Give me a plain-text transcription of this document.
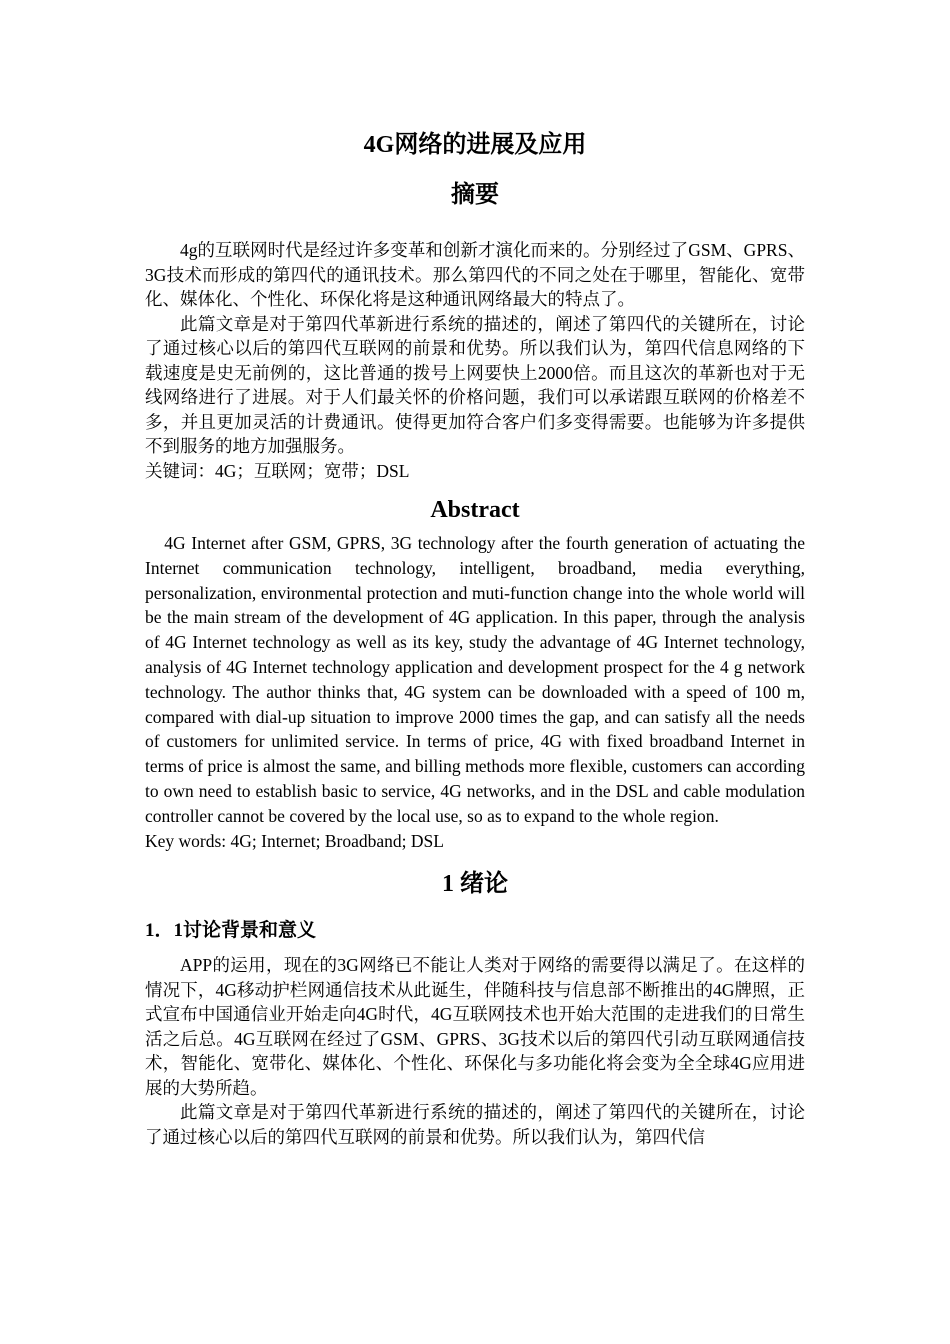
4G网络的进展及应用
摘要

4g的互联网时代是经过许多变革和创新才演化而来的。分别经过了GSM、GPRS、3G技术而形成的第四代的通讯技术。那么第四代的不同之处在于哪里，智能化、宽带化、媒体化、个性化、环保化将是这种通讯网络最大的特点了。

此篇文章是对于第四代革新进行系统的描述的，阐述了第四代的关键所在，讨论了通过核心以后的第四代互联网的前景和优势。所以我们认为，第四代信息网络的下载速度是史无前例的，这比普通的拨号上网要快上2000倍。而且这次的革新也对于无线网络进行了进展。对于人们最关怀的价格问题，我们可以承诺跟互联网的价格差不多，并且更加灵活的计费通讯。使得更加符合客户们多变得需要。也能够为许多提供不到服务的地方加强服务。

关键词：4G；互联网；宽带；DSL

Abstract

4G Internet after GSM, GPRS, 3G technology after the fourth generation of actuating the Internet communication technology, intelligent, broadband, media everything, personalization, environmental protection and muti-function change into the whole world will be the main stream of the development of 4G application. In this paper, through the analysis of 4G Internet technology as well as its key, study the advantage of 4G Internet technology, analysis of 4G Internet technology application and development prospect for the 4 g network technology. The author thinks that, 4G system can be downloaded with a speed of 100 m, compared with dial-up situation to improve 2000 times the gap, and can satisfy all the needs of customers for unlimited service. In terms of price, 4G with fixed broadband Internet in terms of price is almost the same, and billing methods more flexible, customers can according to own need to establish basic to service, 4G networks, and in the DSL and cable modulation controller cannot be covered by the local use, so as to expand to the whole region.

Key words: 4G; Internet; Broadband; DSL

1 绪论
1．1讨论背景和意义

APP的运用，现在的3G网络已不能让人类对于网络的需要得以满足了。在这样的情况下，4G移动护栏网通信技术从此诞生，伴随科技与信息部不断推出的4G牌照，正式宣布中国通信业开始走向4G时代，4G互联网技术也开始大范围的走进我们的日常生活之后总。4G互联网在经过了GSM、GPRS、3G技术以后的第四代引动互联网通信技术，智能化、宽带化、媒体化、个性化、环保化与多功能化将会变为全全球4G应用进展的大势所趋。

此篇文章是对于第四代革新进行系统的描述的，阐述了第四代的关键所在，讨论了通过核心以后的第四代互联网的前景和优势。所以我们认为，第四代信
